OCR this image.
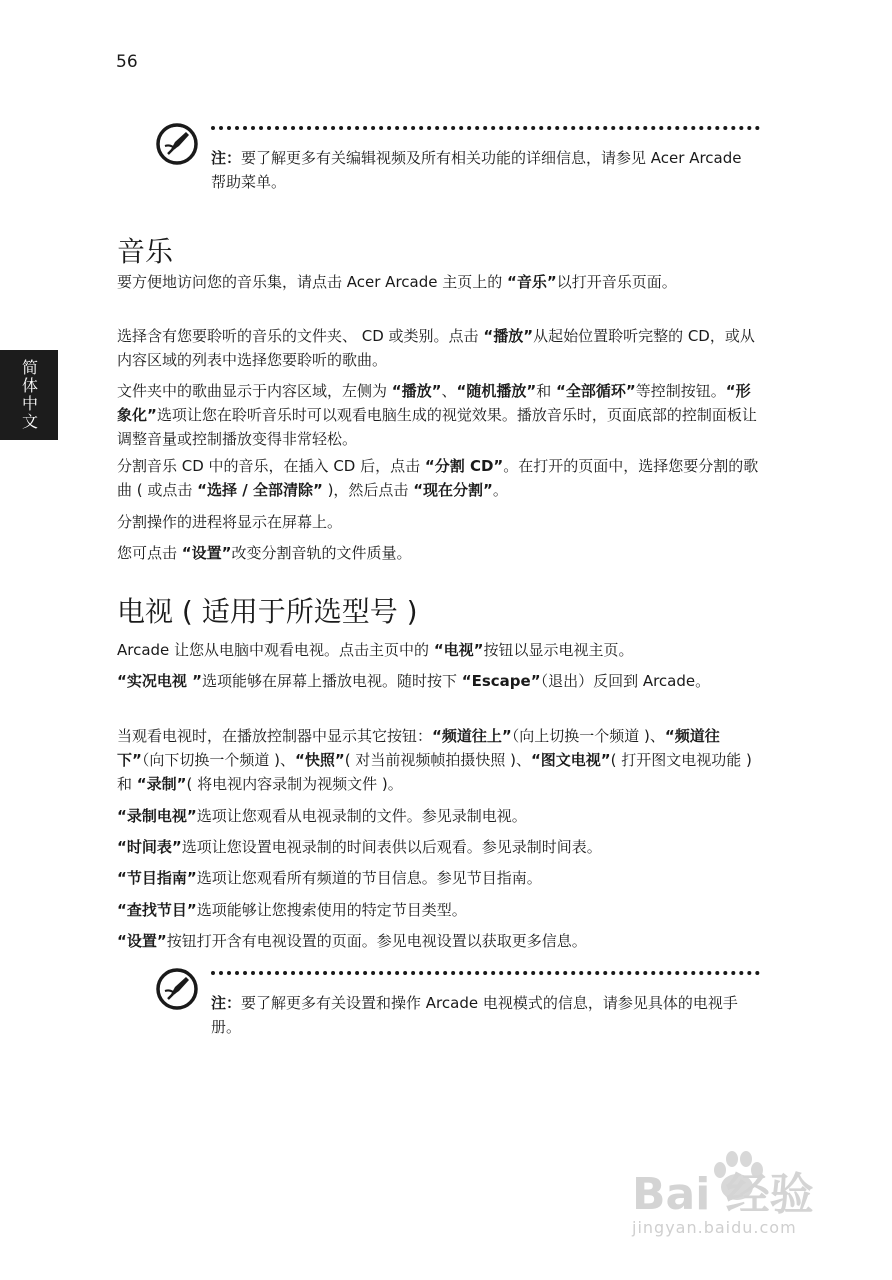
56
简体中文
注：要了解更多有关编辑视频及所有相关功能的详细信息，请参见 Acer Arcade 帮助菜单。
音乐

要方便地访问您的音乐集，请点击 Acer Arcade 主页上的 “音乐”以打开音乐页面。

选择含有您要聆听的音乐的文件夹、 CD 或类别。点击 “播放”从起始位置聆听完整的 CD，或从内容区域的列表中选择您要聆听的歌曲。

文件夹中的歌曲显示于内容区域，左侧为 “播放”、“随机播放”和 “全部循环”等控制按钮。“形象化”选项让您在聆听音乐时可以观看电脑生成的视觉效果。播放音乐时，页面底部的控制面板让调整音量或控制播放变得非常轻松。

分割音乐 CD 中的音乐，在插入 CD 后，点击 “分割 CD”。在打开的页面中，选择您要分割的歌曲 ( 或点击 “选择 / 全部清除” )，然后点击 “现在分割”。

分割操作的进程将显示在屏幕上。

您可点击 “设置”改变分割音轨的文件质量。

电视 ( 适用于所选型号 )

Arcade 让您从电脑中观看电视。点击主页中的 “电视”按钮以显示电视主页。

“实况电视 ”选项能够在屏幕上播放电视。随时按下 “Escape”（退出）反回到 Arcade。

当观看电视时，在播放控制器中显示其它按钮：“频道往上”（向上切换一个频道 )、“频道往下”（向下切换一个频道 )、“快照”( 对当前视频帧拍摄快照 )、“图文电视”( 打开图文电视功能 ) 和 “录制”( 将电视内容录制为视频文件 )。

“录制电视”选项让您观看从电视录制的文件。参见录制电视。

“时间表”选项让您设置电视录制的时间表供以后观看。参见录制时间表。

“节目指南”选项让您观看所有频道的节目信息。参见节目指南。

“查找节目”选项能够让您搜索使用的特定节目类型。

“设置”按钮打开含有电视设置的页面。参见电视设置以获取更多信息。

注：要了解更多有关设置和操作 Arcade 电视模式的信息，请参见具体的电视手册。
Bai 经验
jingyan.baidu.com
